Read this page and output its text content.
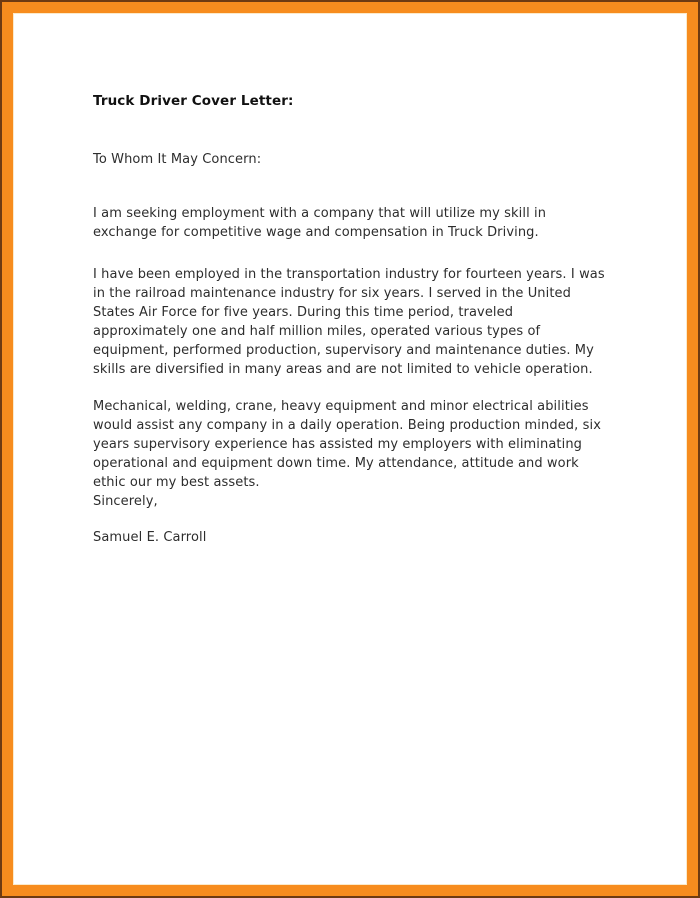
Truck Driver Cover Letter:

To Whom It May Concern:

I am seeking employment with a company that will utilize my skill in exchange for competitive wage and compensation in Truck Driving.

I have been employed in the transportation industry for fourteen years. I was in the railroad maintenance industry for six years. I served in the United States Air Force for five years. During this time period, traveled approximately one and half million miles, operated various types of equipment, performed production, supervisory and maintenance duties. My skills are diversified in many areas and are not limited to vehicle operation.

Mechanical, welding, crane, heavy equipment and minor electrical abilities would assist any company in a daily operation. Being production minded, six years supervisory experience has assisted my employers with eliminating operational and equipment down time. My attendance, attitude and work ethic our my best assets.

Sincerely,

Samuel E. Carroll
